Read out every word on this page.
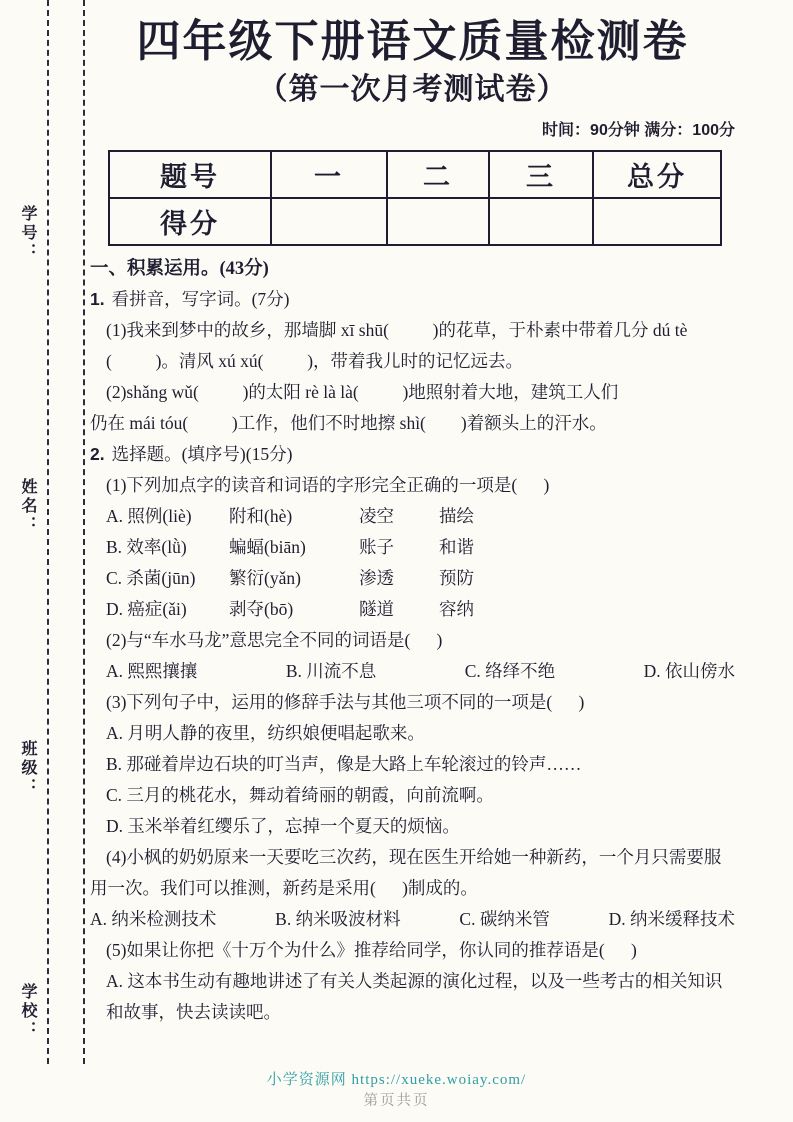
学号：
姓名：
班级：
学校：
四年级下册语文质量检测卷
（第一次月考测试卷）
时间：90分钟 满分：100分
题号	一	二	三	总分
得分				
一、积累运用。(43分)

1. 看拼音，写字词。(7分)

(1)我来到梦中的故乡，那墙脚 xī shū(          )的花草，于朴素中带着几分 dú tè

(          )。清风 xú xú(          )，带着我儿时的记忆远去。

(2)shǎng wǔ(          )的太阳 rè là là(          )地照射着大地，建筑工人们

仍在 mái tóu(          )工作，他们不时地擦 shì(        )着额头上的汗水。

2. 选择题。(填序号)(15分)

(1)下列加点字的读音和词语的字形完全正确的一项是(      )

A. 照例(liè)	附和(hè)	凌空	描绘
B. 效率(lǜ)	蝙蝠(biān)	账子	和谐
C. 杀菌(jūn)	繁衍(yǎn)	渗透	预防
D. 癌症(ǎi)	剥夺(bō)	隧道	容纳

(2)与“车水马龙”意思完全不同的词语是(      )

A. 熙熙攘攘	B. 川流不息	C. 络绎不绝	D. 依山傍水

(3)下列句子中，运用的修辞手法与其他三项不同的一项是(      )

A. 月明人静的夜里，纺织娘便唱起歌来。

B. 那碰着岸边石块的叮当声，像是大路上车轮滚过的铃声……

C. 三月的桃花水，舞动着绮丽的朝霞，向前流啊。

D. 玉米举着红缨乐了，忘掉一个夏天的烦恼。

(4)小枫的奶奶原来一天要吃三次药，现在医生开给她一种新药，一个月只需要服

用一次。我们可以推测，新药是采用(      )制成的。

A. 纳米检测技术	B. 纳米吸波材料	C. 碳纳米管	D. 纳米缓释技术

(5)如果让你把《十万个为什么》推荐给同学，你认同的推荐语是(      )

A. 这本书生动有趣地讲述了有关人类起源的演化过程，以及一些考古的相关知识

和故事，快去读读吧。

小学资源网 https://xueke.woiay.com/
第页共页
